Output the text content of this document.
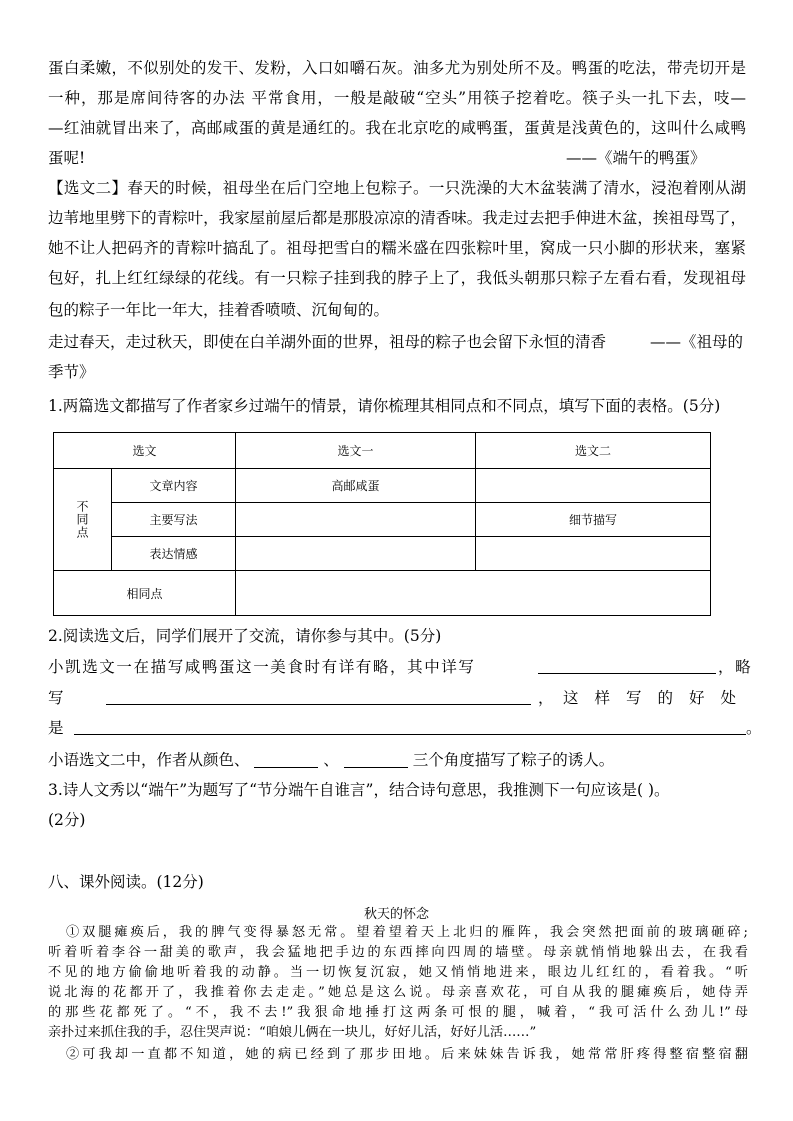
蛋白柔嫩，不似别处的发干、发粉，入口如嚼石灰。油多尤为别处所不及。鸭蛋的吃法，带壳切开是
一种，那是席间待客的办法 平常食用，一般是敲破“空头”用筷子挖着吃。筷子头一扎下去，吱—
—红油就冒出来了，高邮咸蛋的黄是通红的。我在北京吃的咸鸭蛋，蛋黄是浅黄色的，这叫什么咸鸭
蛋呢!	——《端午的鸭蛋》
【选文二】春天的时候，祖母坐在后门空地上包粽子。一只洗澡的大木盆装满了清水，浸泡着刚从湖
边苇地里劈下的青粽叶，我家屋前屋后都是那股凉凉的清香味。我走过去把手伸进木盆，挨祖母骂了，
她不让人把码齐的青粽叶搞乱了。祖母把雪白的糯米盛在四张粽叶里，窝成一只小脚的形状来，塞紧
包好，扎上红红绿绿的花线。有一只粽子挂到我的脖子上了，我低头朝那只粽子左看右看，发现祖母
包的粽子一年比一年大，挂着香喷喷、沉甸甸的。
走过春天，走过秋天，即使在白羊湖外面的世界，祖母的粽子也会留下永恒的清香	——《祖母的
季节》
1.两篇选文都描写了作者家乡过端午的情景，请你梳理其相同点和不同点，填写下面的表格。(5分)
选文		选文一	选文二

不同点	文章内容	高邮咸蛋	
	主要写法		细节描写
	表达情感		
相同点			
2.阅读选文后，同学们展开了交流，请你参与其中。(5分)
小凯选文一在描写咸鸭蛋这一美食时有详有略，其中详写	，略
写	， 这样写的好处
是	。
小语选文二中，作者从颜色、	、	三个角度描写了粽子的诱人。
3.诗人文秀以“端午”为题写了“节分端午自谁言”，结合诗句意思，我推测下一句应该是( )。
(2分)
八、课外阅读。(12分)
秋天的怀念
①双腿瘫痪后，我的脾气变得暴怒无常。望着望着天上北归的雁阵，我会突然把面前的玻璃砸碎;
听着听着李谷一甜美的歌声，我会猛地把手边的东西摔向四周的墙壁。母亲就悄悄地躲出去，在我看
不见的地方偷偷地听着我的动静。当一切恢复沉寂，她又悄悄地进来，眼边儿红红的，看着我。“听
说北海的花都开了，我推着你去走走。”她总是这么说。母亲喜欢花，可自从我的腿瘫痪后，她侍弄
的那些花都死了。“不，我不去!”我狠命地捶打这两条可恨的腿，喊着，“我可活什么劲儿!”母
亲扑过来抓住我的手，忍住哭声说：“咱娘儿俩在一块儿，好好儿活，好好儿活……”
②可我却一直都不知道，她的病已经到了那步田地。后来妹妹告诉我，她常常肝疼得整宿整宿翻
